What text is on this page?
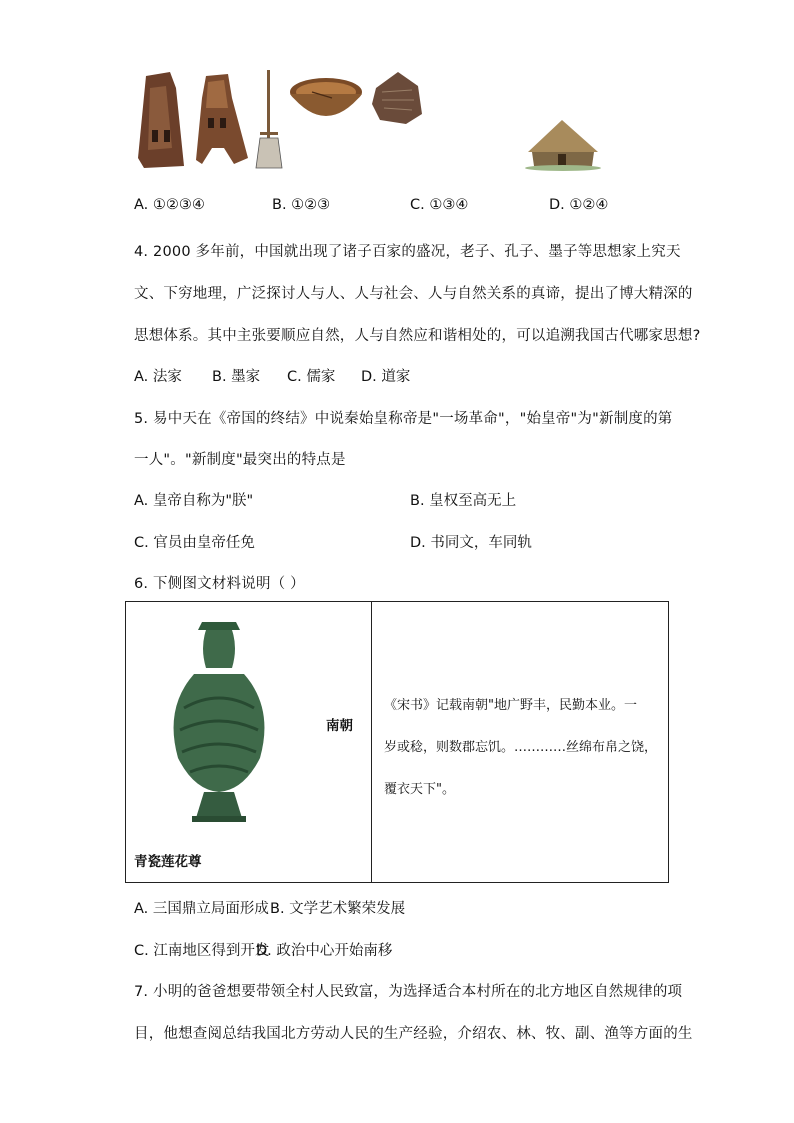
A. ①②③④	B. ①②③	C. ①③④	D. ①②④
4. 2000 多年前，中国就出现了诸子百家的盛况，老子、孔子、墨子等思想家上究天
文、下穷地理，广泛探讨人与人、人与社会、人与自然关系的真谛，提出了博大精深的
思想体系。其中主张要顺应自然，人与自然应和谐相处的，可以追溯我国古代哪家思想?
A. 法家 B. 墨家 C. 儒家 D. 道家
5. 易中天在《帝国的终结》中说秦始皇称帝是"一场革命"，"始皇帝"为"新制度的第
一人"。"新制度"最突出的特点是
A. 皇帝自称为"朕"	B. 皇权至高无上
C. 官员由皇帝任免	D. 书同文，车同轨
6. 下侧图文材料说明（ ）
南朝
青瓷莲花尊
《宋书》记载南朝"地广野丰，民勤本业。一
岁或稔，则数郡忘饥。…………丝绵布帛之饶，
覆衣天下"。
A. 三国鼎立局面形成 B. 文学艺术繁荣发展
C. 江南地区得到开发
D. 政治中心开始南移
7. 小明的爸爸想要带领全村人民致富，为选择适合本村所在的北方地区自然规律的项
目，他想查阅总结我国北方劳动人民的生产经验，介绍农、林、牧、副、渔等方面的生
